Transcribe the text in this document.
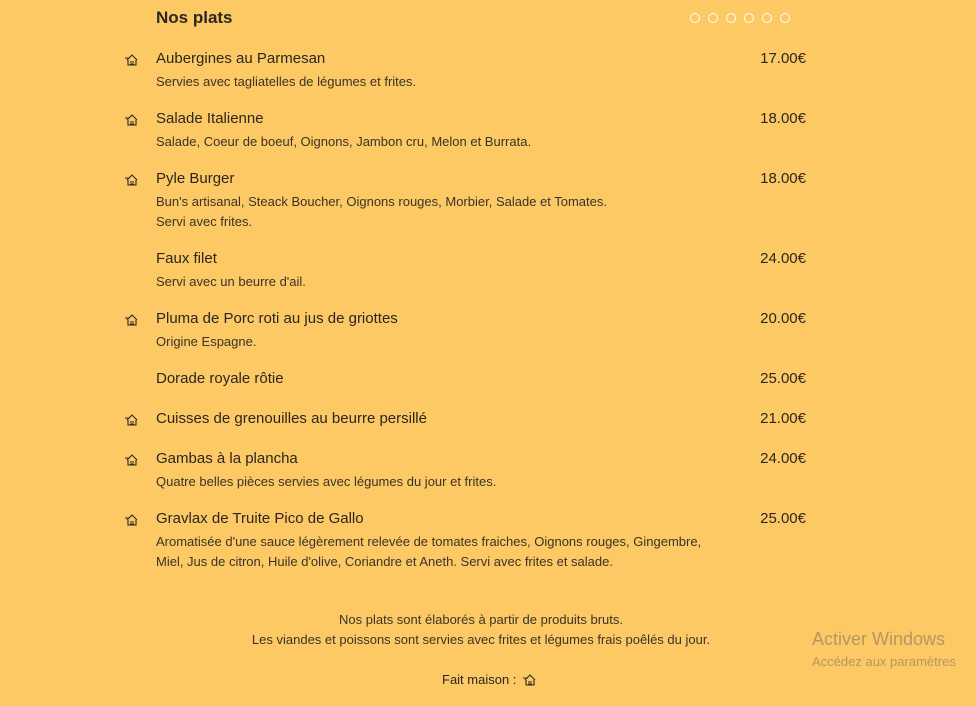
Nos plats
Aubergines au Parmesan	17.00€
Servies avec tagliatelles de légumes et frites.
Salade Italienne	18.00€
Salade, Coeur de boeuf, Oignons, Jambon cru, Melon et Burrata.
Pyle Burger	18.00€
Bun's artisanal, Steack Boucher, Oignons rouges, Morbier, Salade et Tomates. Servi avec frites.
Faux filet	24.00€
Servi avec un beurre d'ail.
Pluma de Porc roti au jus de griottes	20.00€
Origine Espagne.
Dorade royale rôtie	25.00€
Cuisses de grenouilles au beurre persillé	21.00€
Gambas à la plancha	24.00€
Quatre belles pièces servies avec légumes du jour et frites.
Gravlax de Truite Pico de Gallo	25.00€
Aromatisée d'une sauce légèrement relevée de tomates fraiches, Oignons rouges, Gingembre, Miel, Jus de citron, Huile d'olive, Coriandre et Aneth. Servi avec frites et salade.
Nos plats sont élaborés à partir de produits bruts.
Les viandes et poissons sont servies avec frites et légumes frais poêlés du jour.
Fait maison :
Activer Windows
Accédez aux paramètres
